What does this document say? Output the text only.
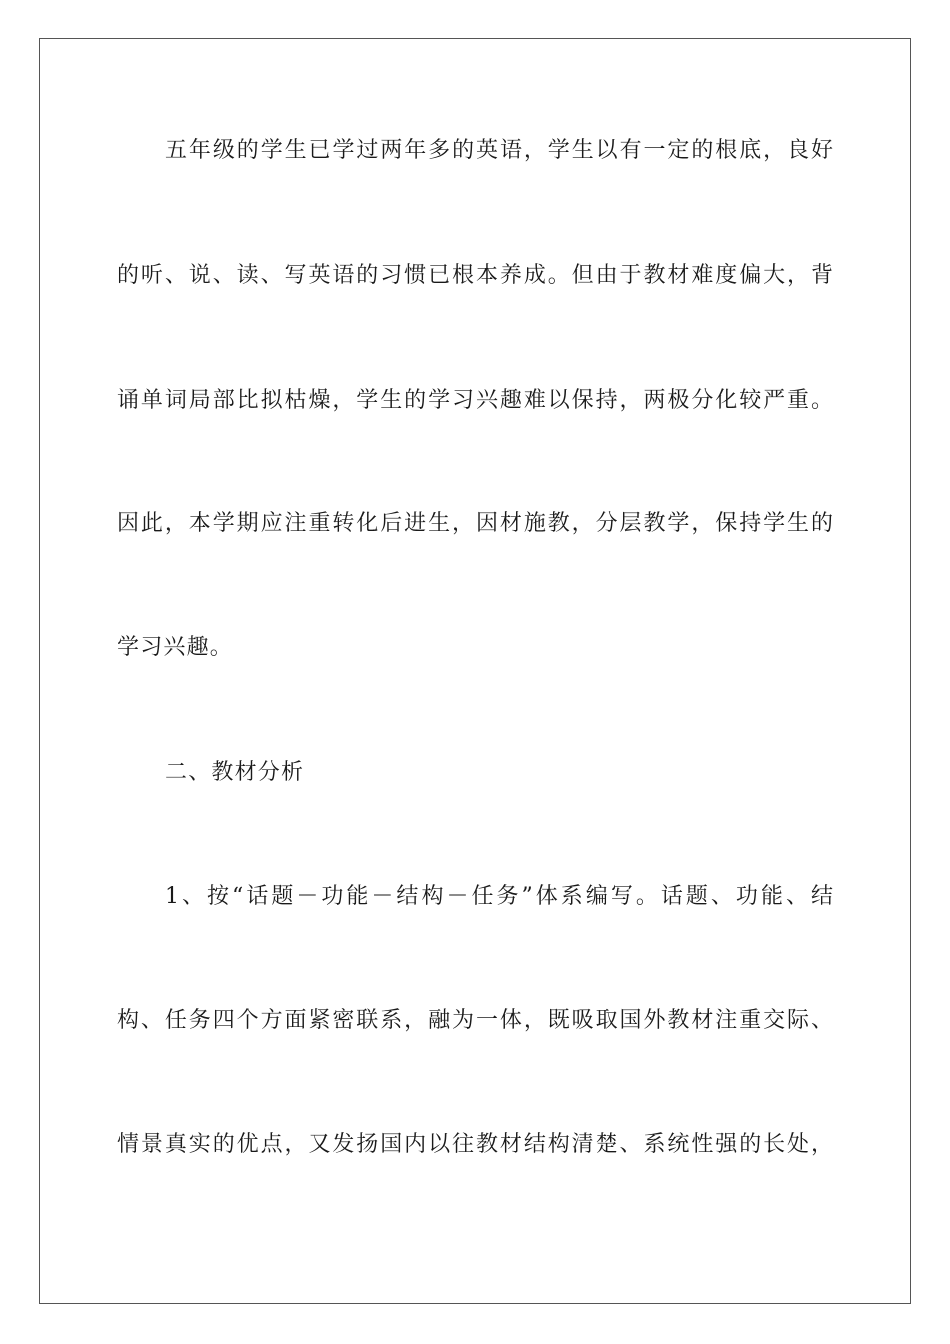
五年级的学生已学过两年多的英语，学生以有一定的根底，良好
的听、说、读、写英语的习惯已根本养成。但由于教材难度偏大，背
诵单词局部比拟枯燥，学生的学习兴趣难以保持，两极分化较严重。
因此，本学期应注重转化后进生，因材施教，分层教学，保持学生的
学习兴趣。
二、教材分析
1、按“话题－功能－结构－任务”体系编写。话题、功能、结
构、任务四个方面紧密联系，融为一体，既吸取国外教材注重交际、
情景真实的优点，又发扬国内以往教材结构清楚、系统性强的长处，
